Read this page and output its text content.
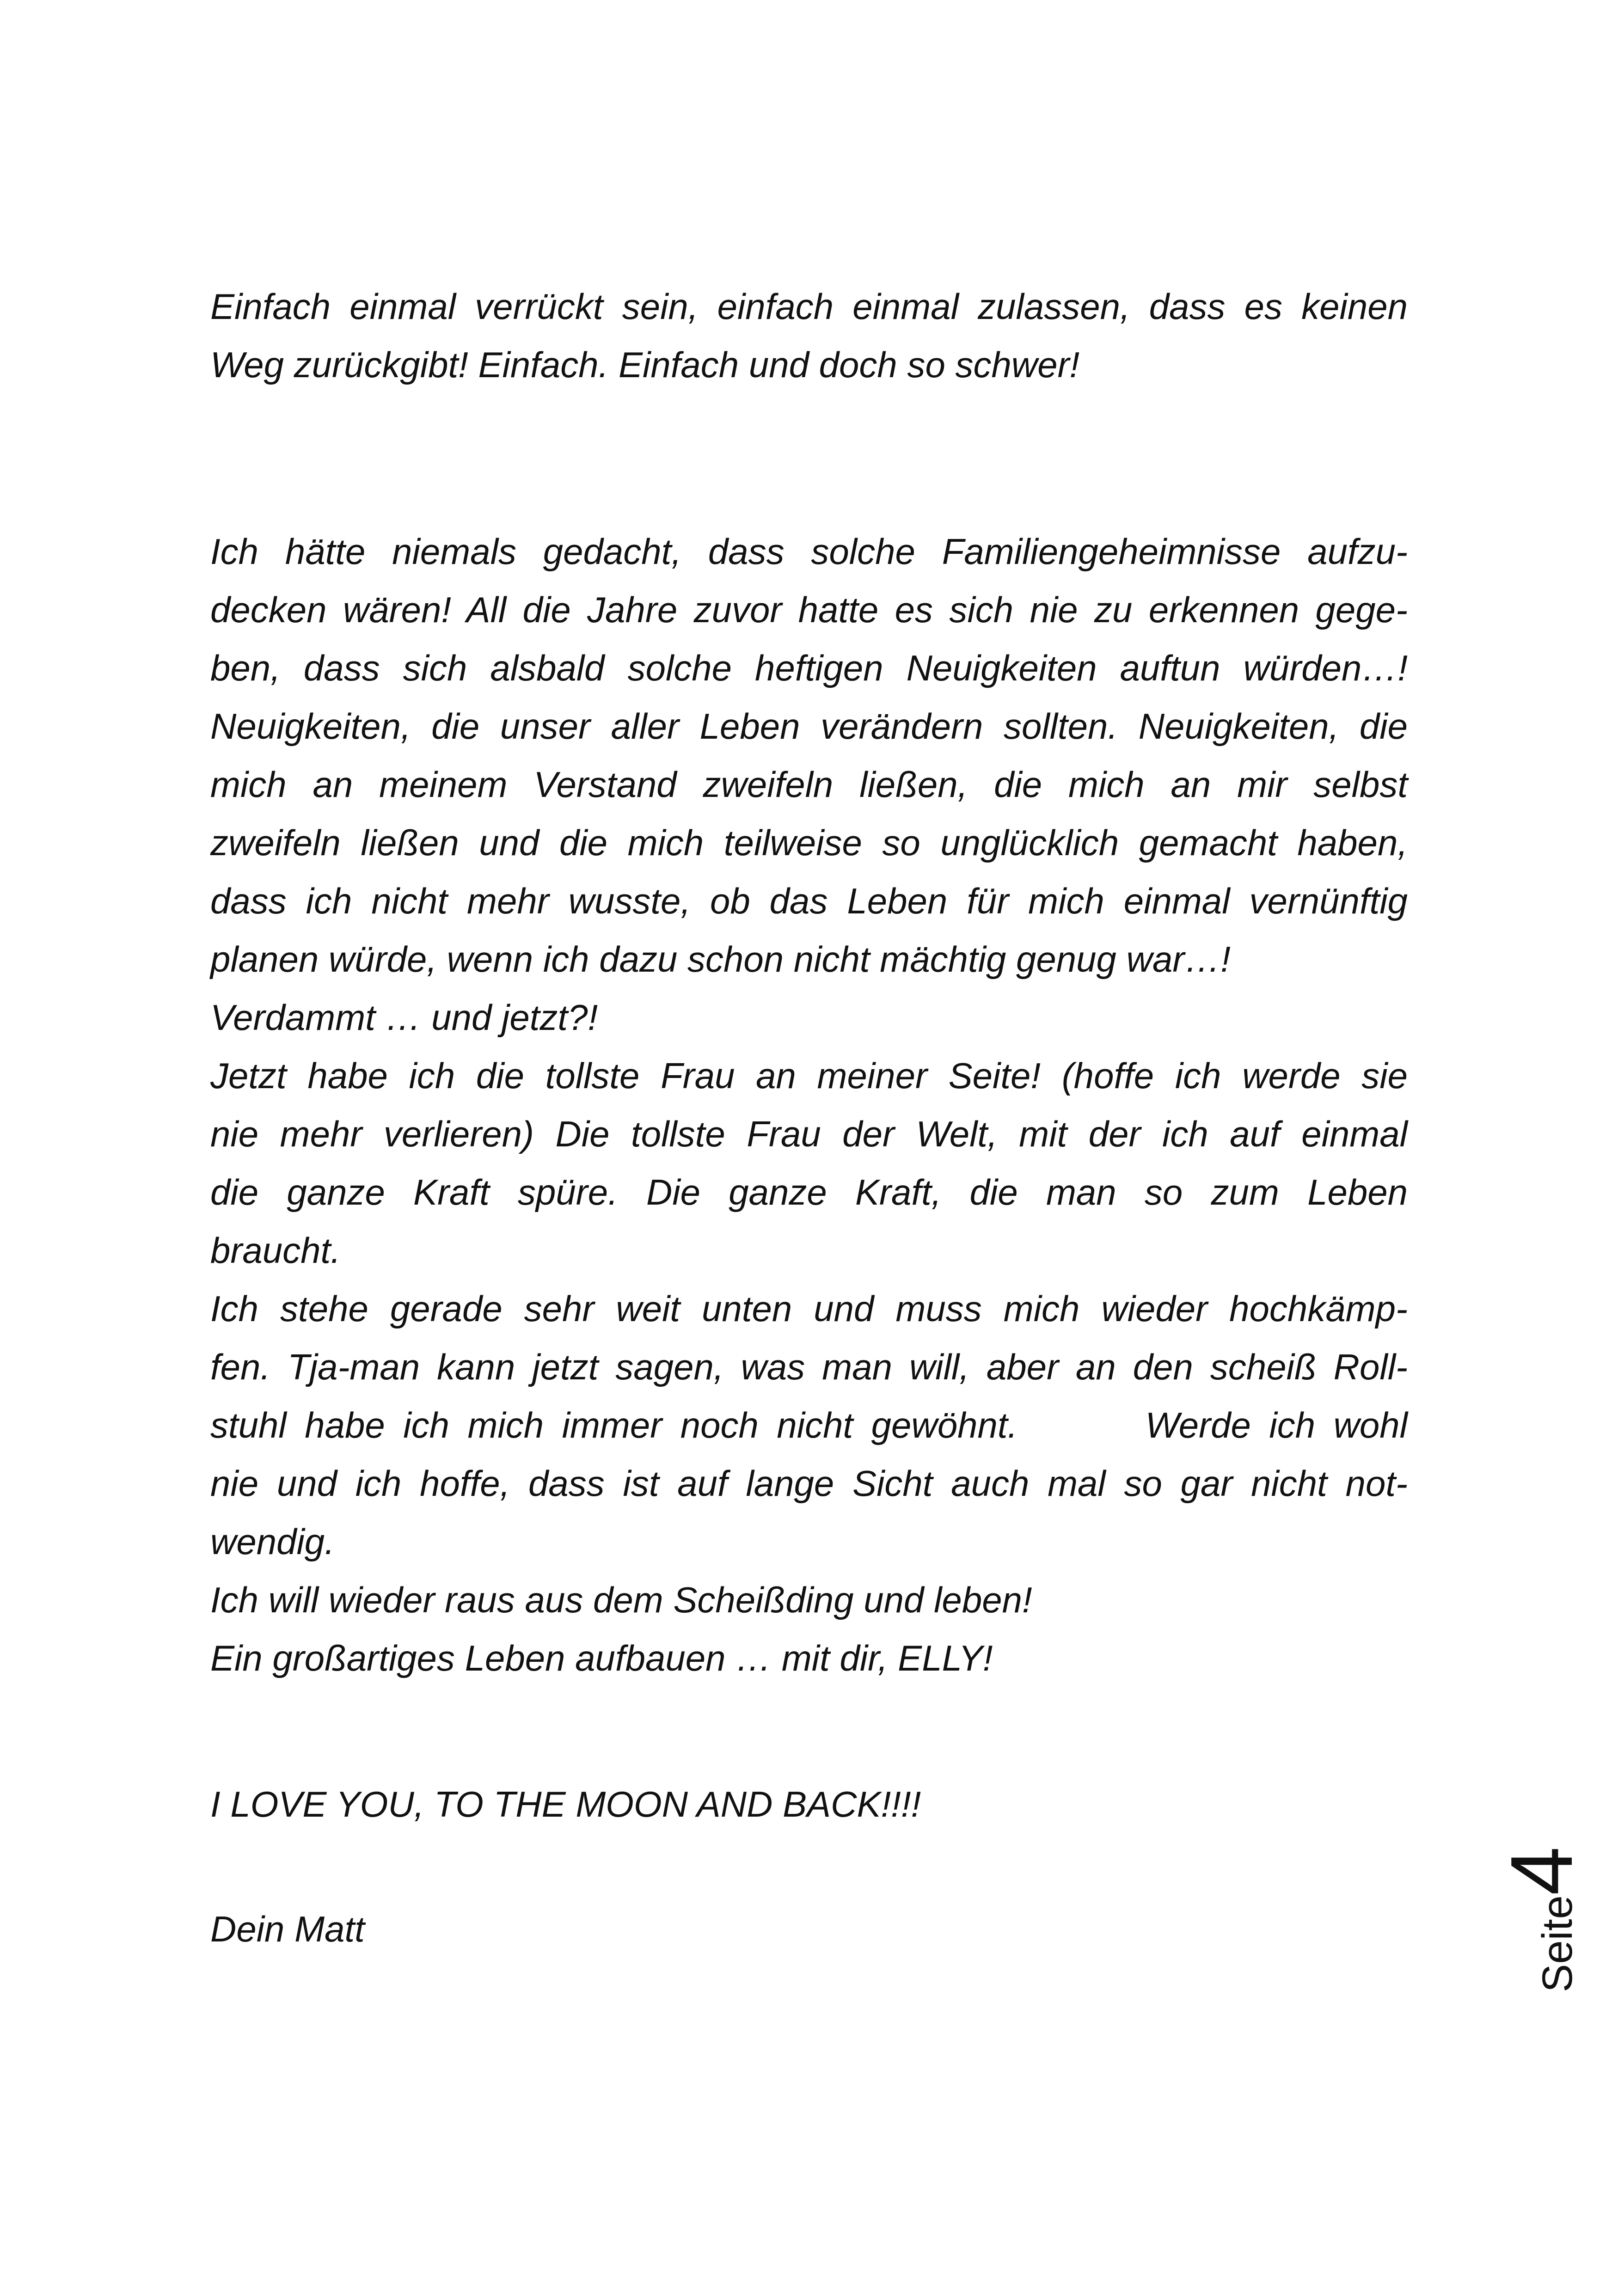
Einfach einmal verrückt sein, einfach einmal zulassen, dass es keinen
Weg zurückgibt! Einfach. Einfach und doch so schwer!
Ich hätte niemals gedacht, dass solche Familiengeheimnisse aufzu-
decken wären! All die Jahre zuvor hatte es sich nie zu erkennen gege-
ben, dass sich alsbald solche heftigen Neuigkeiten auftun würden…!
Neuigkeiten, die unser aller Leben verändern sollten. Neuigkeiten, die
mich an meinem Verstand zweifeln ließen, die mich an mir selbst
zweifeln ließen und die mich teilweise so unglücklich gemacht haben,
dass ich nicht mehr wusste, ob das Leben für mich einmal vernünftig
planen würde, wenn ich dazu schon nicht mächtig genug war…!
Verdammt … und jetzt?!
Jetzt habe ich die tollste Frau an meiner Seite! (hoffe ich werde sie
nie mehr verlieren) Die tollste Frau der Welt, mit der ich auf einmal
die ganze Kraft spüre. Die ganze Kraft, die man so zum Leben
braucht.
Ich stehe gerade sehr weit unten und muss mich wieder hochkämp-
fen. Tja-man kann jetzt sagen, was man will, aber an den scheiß Roll-
stuhl habe ich mich immer noch nicht gewöhnt.       Werde ich wohl
nie und ich hoffe, dass ist auf lange Sicht auch mal so gar nicht not-
wendig.
Ich will wieder raus aus dem Scheißding und leben!
Ein großartiges Leben aufbauen … mit dir, ELLY!
I LOVE YOU, TO THE MOON AND BACK!!!!
Dein Matt	Seite4
